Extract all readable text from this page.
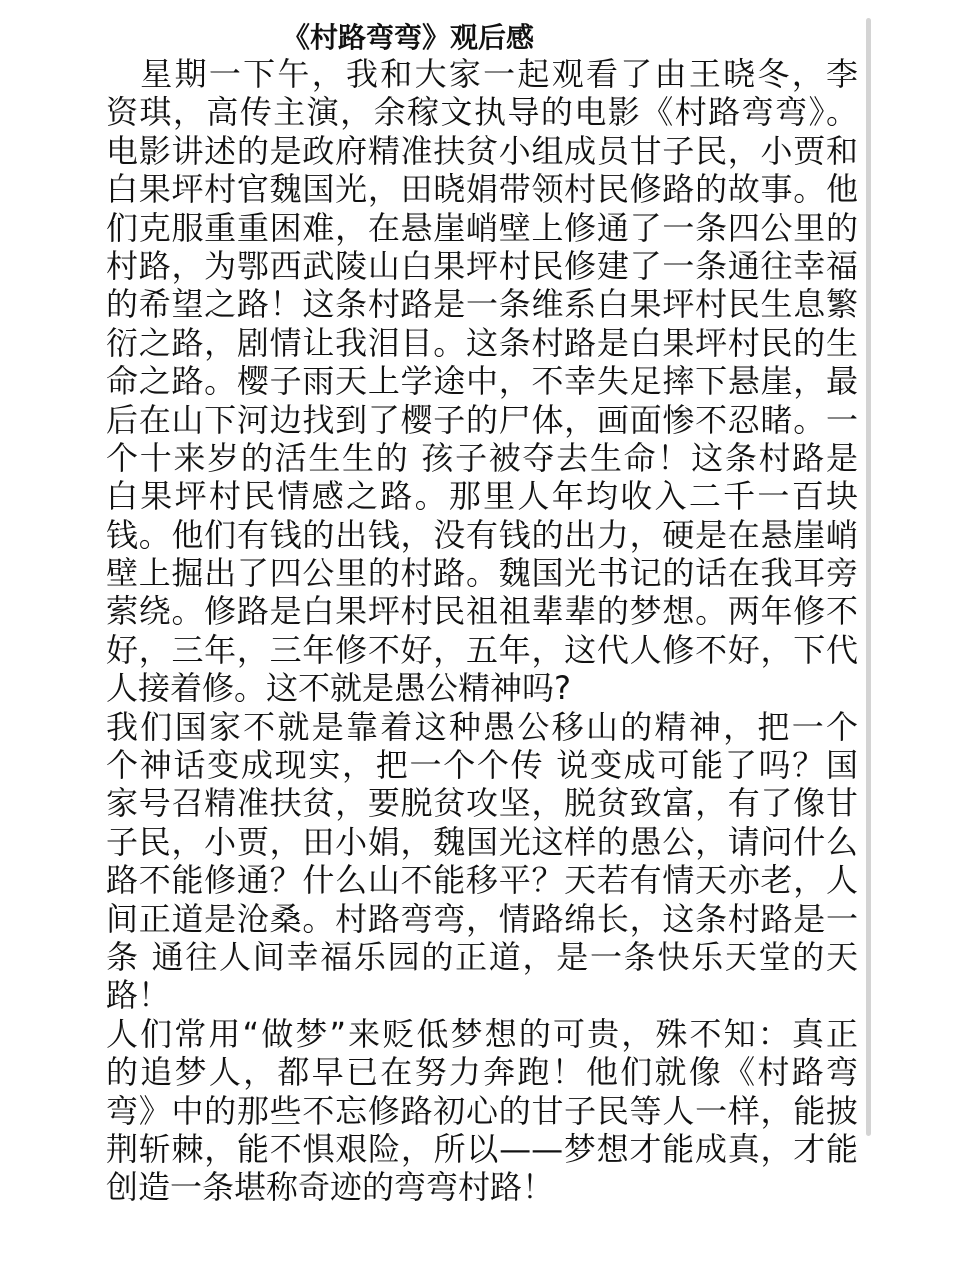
《村路弯弯》观后感
　星期一下午，我和大家一起观看了由王晓冬，李
资琪，高传主演，余稼文执导的电影《村路弯弯》。
电影讲述的是政府精准扶贫小组成员甘子民，小贾和
白果坪村官魏国光，田晓娟带领村民修路的故事。他
们克服重重困难，在悬崖峭壁上修通了一条四公里的
村路，为鄂西武陵山白果坪村民修建了一条通往幸福
的希望之路！这条村路是一条维系白果坪村民生息繁
衍之路，剧情让我泪目。这条村路是白果坪村民的生
命之路。樱子雨天上学途中，不幸失足摔下悬崖，最
后在山下河边找到了樱子的尸体，画面惨不忍睹。一
个十来岁的活生生的 孩子被夺去生命！这条村路是
白果坪村民情感之路。那里人年均收入二千一百块
钱。他们有钱的出钱，没有钱的出力，硬是在悬崖峭
壁上掘出了四公里的村路。魏国光书记的话在我耳旁
萦绕。修路是白果坪村民祖祖辈辈的梦想。两年修不
好，三年，三年修不好，五年，这代人修不好，下代
人接着修。这不就是愚公精神吗?
我们国家不就是靠着这种愚公移山的精神，把一个
个神话变成现实，把一个个传 说变成可能了吗？国
家号召精准扶贫，要脱贫攻坚，脱贫致富，有了像甘
子民，小贾，田小娟，魏国光这样的愚公，请问什么
路不能修通？什么山不能移平？天若有情天亦老，人
间正道是沧桑。村路弯弯，情路绵长，这条村路是一
条 通往人间幸福乐园的正道，是一条快乐天堂的天
路！
人们常用“做梦”来贬低梦想的可贵，殊不知：真正
的追梦人，都早已在努力奔跑！他们就像《村路弯
弯》中的那些不忘修路初心的甘子民等人一样，能披
荆斩棘，能不惧艰险，所以——梦想才能成真，才能
创造一条堪称奇迹的弯弯村路！
